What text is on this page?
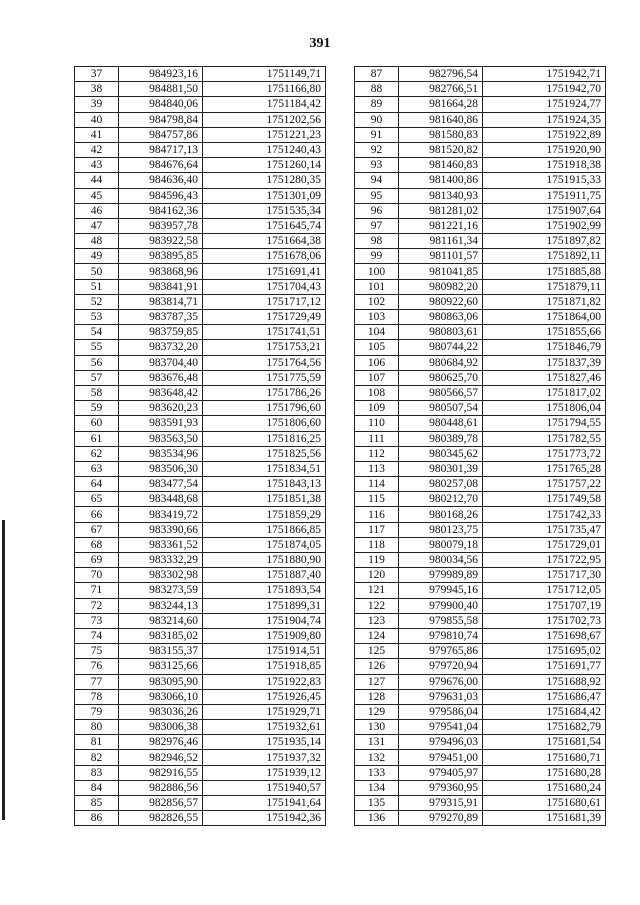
391
37	984923,16	1751149,71
38	984881,50	1751166,80
39	984840,06	1751184,42
40	984798,84	1751202,56
41	984757,86	1751221,23
42	984717,13	1751240,43
43	984676,64	1751260,14
44	984636,40	1751280,35
45	984596,43	1751301,09
46	984162,36	1751535,34
47	983957,78	1751645,74
48	983922,58	1751664,38
49	983895,85	1751678,06
50	983868,96	1751691,41
51	983841,91	1751704,43
52	983814,71	1751717,12
53	983787,35	1751729,49
54	983759,85	1751741,51
55	983732,20	1751753,21
56	983704,40	1751764,56
57	983676,48	1751775,59
58	983648,42	1751786,26
59	983620,23	1751796,60
60	983591,93	1751806,60
61	983563,50	1751816,25
62	983534,96	1751825,56
63	983506,30	1751834,51
64	983477,54	1751843,13
65	983448,68	1751851,38
66	983419,72	1751859,29
67	983390,66	1751866,85
68	983361,52	1751874,05
69	983332,29	1751880,90
70	983302,98	1751887,40
71	983273,59	1751893,54
72	983244,13	1751899,31
73	983214,60	1751904,74
74	983185,02	1751909,80
75	983155,37	1751914,51
76	983125,66	1751918,85
77	983095,90	1751922,83
78	983066,10	1751926,45
79	983036,26	1751929,71
80	983006,38	1751932,61
81	982976,46	1751935,14
82	982946,52	1751937,32
83	982916,55	1751939,12
84	982886,56	1751940,57
85	982856,57	1751941,64
86	982826,55	1751942,36
87	982796,54	1751942,71
88	982766,51	1751942,70
89	981664,28	1751924,77
90	981640,86	1751924,35
91	981580,83	1751922,89
92	981520,82	1751920,90
93	981460,83	1751918,38
94	981400,86	1751915,33
95	981340,93	1751911,75
96	981281,02	1751907,64
97	981221,16	1751902,99
98	981161,34	1751897,82
99	981101,57	1751892,11
100	981041,85	1751885,88
101	980982,20	1751879,11
102	980922,60	1751871,82
103	980863,06	1751864,00
104	980803,61	1751855,66
105	980744,22	1751846,79
106	980684,92	1751837,39
107	980625,70	1751827,46
108	980566,57	1751817,02
109	980507,54	1751806,04
110	980448,61	1751794,55
111	980389,78	1751782,55
112	980345,62	1751773,72
113	980301,39	1751765,28
114	980257,08	1751757,22
115	980212,70	1751749,58
116	980168,26	1751742,33
117	980123,75	1751735,47
118	980079,18	1751729,01
119	980034,56	1751722,95
120	979989,89	1751717,30
121	979945,16	1751712,05
122	979900,40	1751707,19
123	979855,58	1751702,73
124	979810,74	1751698,67
125	979765,86	1751695,02
126	979720,94	1751691,77
127	979676,00	1751688,92
128	979631,03	1751686,47
129	979586,04	1751684,42
130	979541,04	1751682,79
131	979496,03	1751681,54
132	979451,00	1751680,71
133	979405,97	1751680,28
134	979360,95	1751680,24
135	979315,91	1751680,61
136	979270,89	1751681,39
